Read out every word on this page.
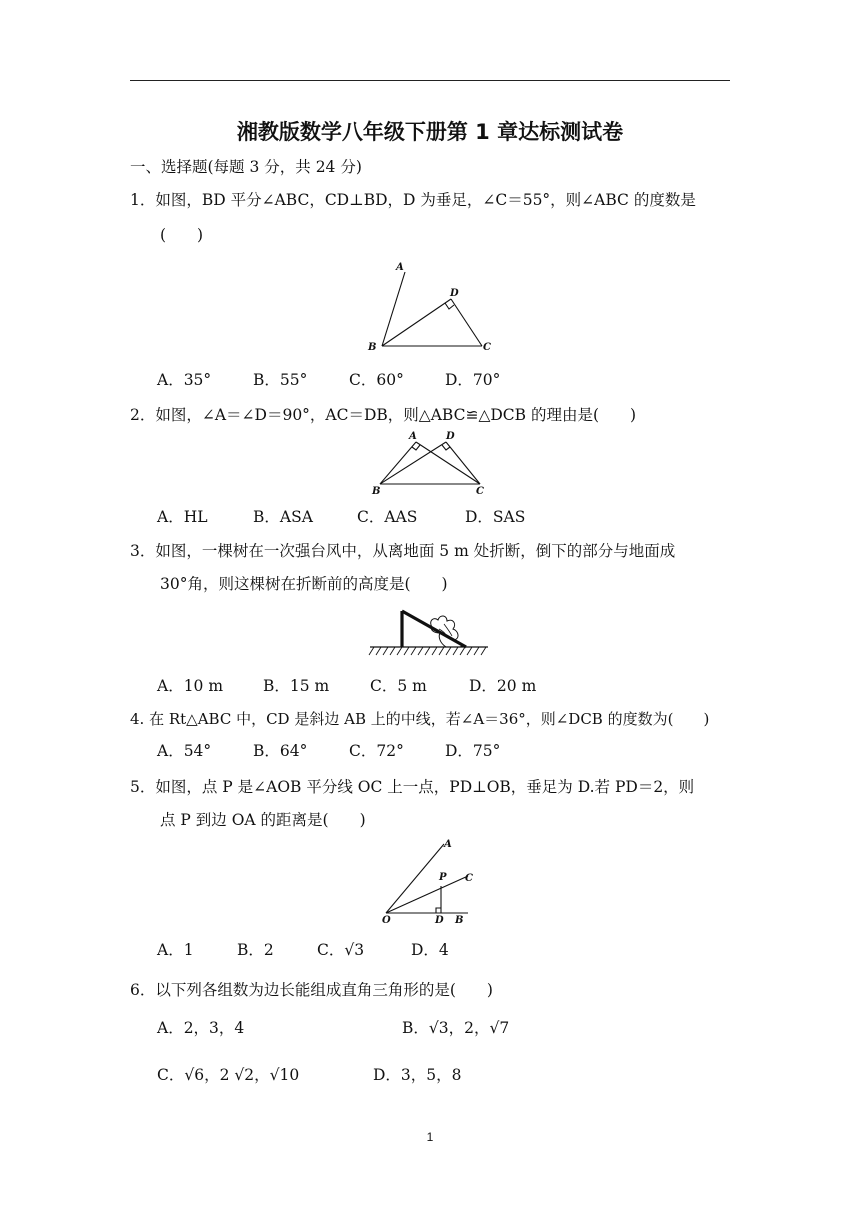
湘教版数学八年级下册第 1 章达标测试卷
一、选择题(每题 3 分，共 24 分)
1．如图，BD 平分∠ABC，CD⊥BD，D 为垂足，∠C＝55°，则∠ABC 的度数是
(　　)
A
D
B	C
A．35°	B．55°	C．60°	D．70°
2．如图，∠A＝∠D＝90°，AC＝DB，则△ABC≌△DCB 的理由是(　　)
A	D
B	C
A．HL	B．ASA	C．AAS	D．SAS
3．如图，一棵树在一次强台风中，从离地面 5 m 处折断，倒下的部分与地面成
30°角，则这棵树在折断前的高度是(　　)
A．10 m	B．15 m	C．5 m	D．20 m
4. 在 Rt△ABC 中，CD 是斜边 AB 上的中线，若∠A＝36°，则∠DCB 的度数为(　　)
A．54°	B．64°	C．72°	D．75°
5．如图，点 P 是∠AOB 平分线 OC 上一点，PD⊥OB，垂足为 D.若 PD＝2，则
点 P 到边 OA 的距离是(　　)
A
C
P
O	D B
A．1	B．2	C．√3	D．4
6．以下列各组数为边长能组成直角三角形的是(　　)
A．2，3，4	B．√3，2，√7
C．√6，2 √2，√10	D．3，5，8
1
